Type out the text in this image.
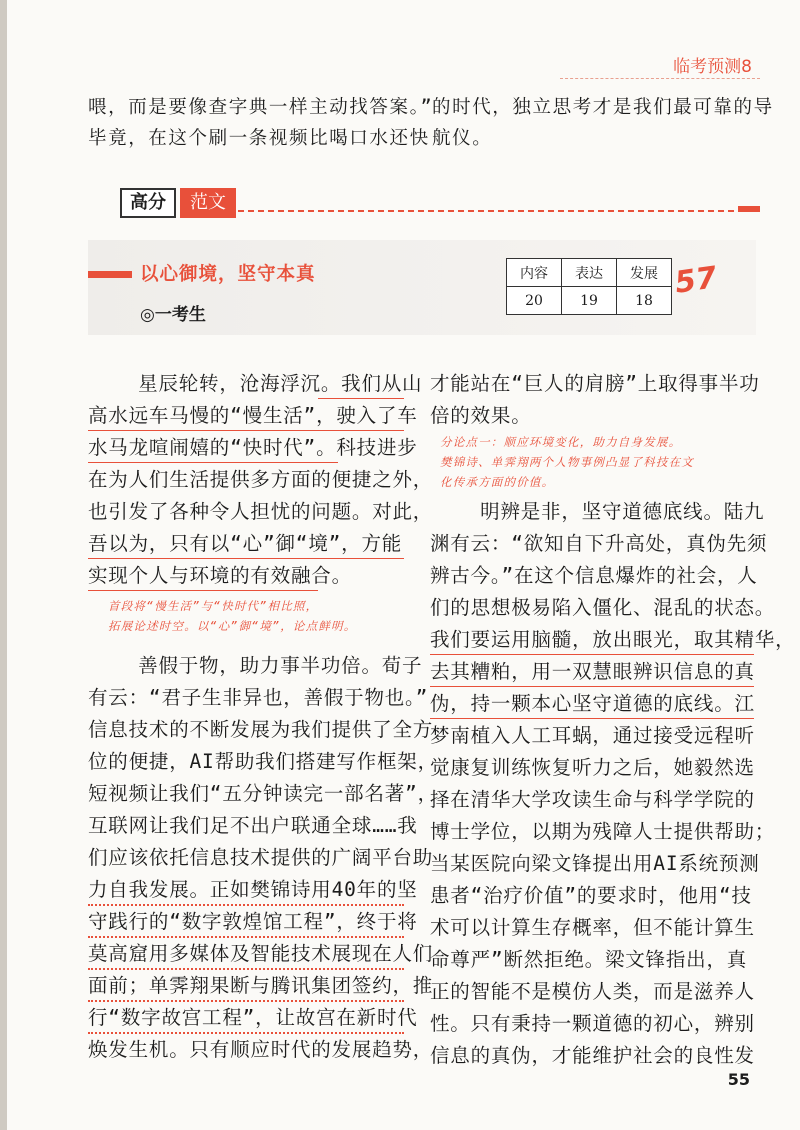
临考预测8
喂，而是要像查字典一样主动找答案。”
毕竟，在这个刷一条视频比喝口水还快
的时代，独立思考才是我们最可靠的导
航仪。
高分	范文
以心御境，坚守本真
◎一考生
内容	表达	发展
20	19	18 57
星辰轮转，沧海浮沉。我们从山
高水远车马慢的“慢生活”，驶入了车
水马龙喧闹嬉的“快时代”。科技进步
在为人们生活提供多方面的便捷之外，
也引发了各种令人担忧的问题。对此，
吾以为，只有以“心”御“境”，方能
实现个人与环境的有效融合。
首段将“慢生活”与“快时代”相比照，
拓展论述时空。以“心”御“境”，论点鲜明。
善假于物，助力事半功倍。荀子
有云：“君子生非异也，善假于物也。”
信息技术的不断发展为我们提供了全方
位的便捷，AI帮助我们搭建写作框架，
短视频让我们“五分钟读完一部名著”，
互联网让我们足不出户联通全球……我
们应该依托信息技术提供的广阔平台助
力自我发展。正如樊锦诗用40年的坚
守践行的“数字敦煌馆工程”，终于将
莫高窟用多媒体及智能技术展现在人们
面前；单霁翔果断与腾讯集团签约，推
行“数字故宫工程”，让故宫在新时代
焕发生机。只有顺应时代的发展趋势，
才能站在“巨人的肩膀”上取得事半功
倍的效果。
分论点一：顺应环境变化，助力自身发展。
樊锦诗、单霁翔两个人物事例凸显了科技在文
化传承方面的价值。
明辨是非，坚守道德底线。陆九
渊有云：“欲知自下升高处，真伪先须
辨古今。”在这个信息爆炸的社会，人
们的思想极易陷入僵化、混乱的状态。
我们要运用脑髓，放出眼光，取其精华，
去其糟粕，用一双慧眼辨识信息的真
伪，持一颗本心坚守道德的底线。江
梦南植入人工耳蜗，通过接受远程听
觉康复训练恢复听力之后，她毅然选
择在清华大学攻读生命与科学学院的
博士学位，以期为残障人士提供帮助；
当某医院向梁文锋提出用AI系统预测
患者“治疗价值”的要求时，他用“技
术可以计算生存概率，但不能计算生
命尊严”断然拒绝。梁文锋指出，真
正的智能不是模仿人类，而是滋养人
性。只有秉持一颗道德的初心，辨别
信息的真伪，才能维护社会的良性发
55
